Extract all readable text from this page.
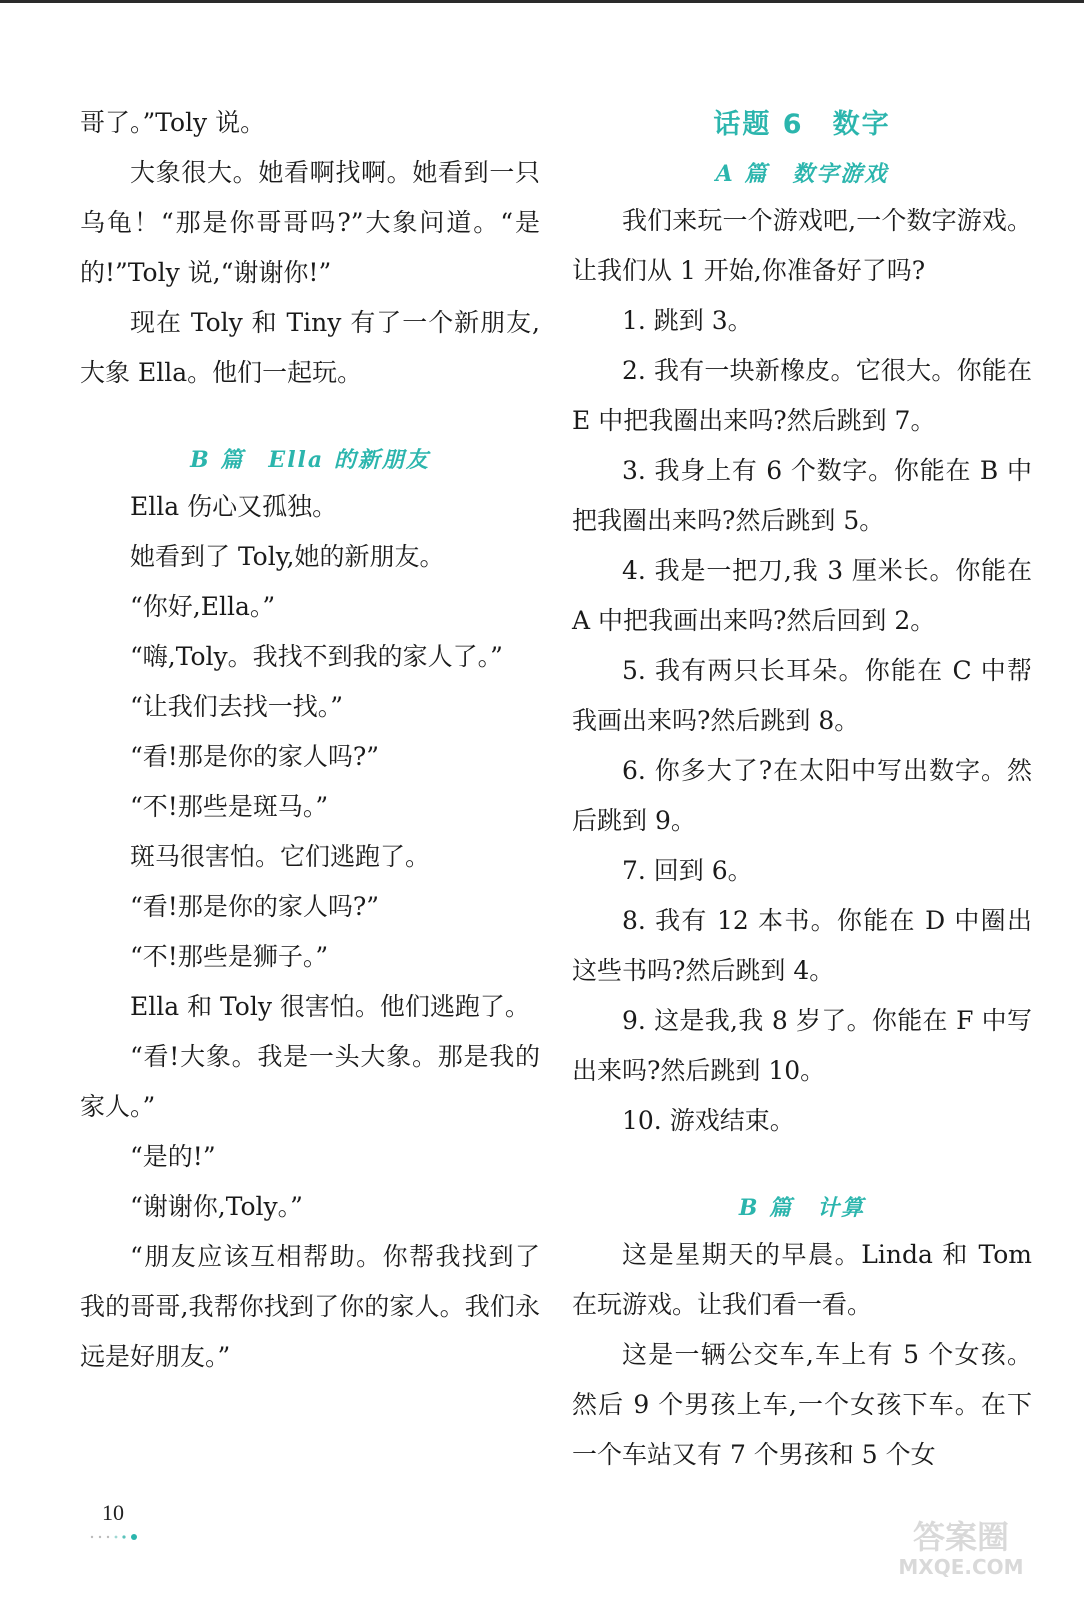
哥了。”Toly 说。

大象很大。她看啊找啊。她看到一只乌龟！“那是你哥哥吗?”大象问道。“是的!”Toly 说,“谢谢你!”

现在 Toly 和 Tiny 有了一个新朋友,大象 Ella。他们一起玩。

B 篇　Ella 的新朋友

Ella 伤心又孤独。

她看到了 Toly,她的新朋友。

“你好,Ella。”

“嗨,Toly。我找不到我的家人了。”

“让我们去找一找。”

“看!那是你的家人吗?”

“不!那些是斑马。”

斑马很害怕。它们逃跑了。

“看!那是你的家人吗?”

“不!那些是狮子。”

Ella 和 Toly 很害怕。他们逃跑了。

“看!大象。我是一头大象。那是我的家人。”

“是的!”

“谢谢你,Toly。”

“朋友应该互相帮助。你帮我找到了我的哥哥,我帮你找到了你的家人。我们永远是好朋友。”

话题 6　数字
A 篇　数字游戏

我们来玩一个游戏吧,一个数字游戏。让我们从 1 开始,你准备好了吗?

1. 跳到 3。

2. 我有一块新橡皮。它很大。你能在 E 中把我圈出来吗?然后跳到 7。

3. 我身上有 6 个数字。你能在 B 中把我圈出来吗?然后跳到 5。

4. 我是一把刀,我 3 厘米长。你能在 A 中把我画出来吗?然后回到 2。

5. 我有两只长耳朵。你能在 C 中帮我画出来吗?然后跳到 8。

6. 你多大了?在太阳中写出数字。然后跳到 9。

7. 回到 6。

8. 我有 12 本书。你能在 D 中圈出这些书吗?然后跳到 4。

9. 这是我,我 8 岁了。你能在 F 中写出来吗?然后跳到 10。

10. 游戏结束。

B 篇　计算

这是星期天的早晨。Linda 和 Tom 在玩游戏。让我们看一看。

这是一辆公交车,车上有 5 个女孩。然后 9 个男孩上车,一个女孩下车。在下一个车站又有 7 个男孩和 5 个女

10
答案圈
MXQE.COM
